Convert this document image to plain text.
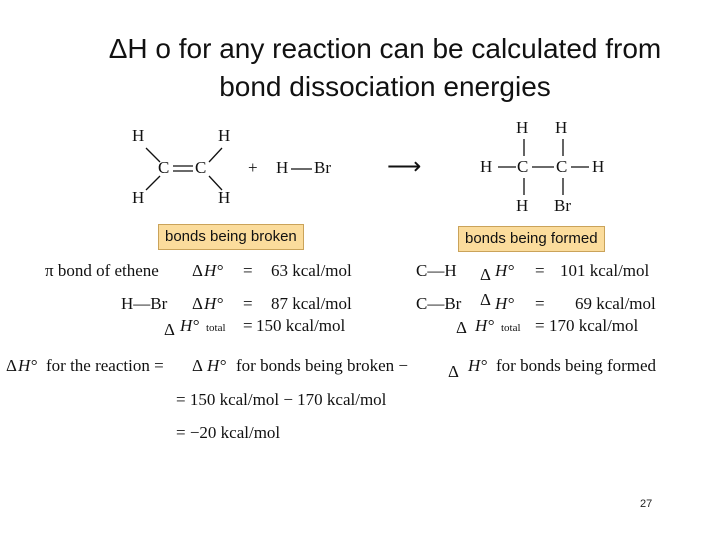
ΔH o for any reaction can be calculated from
bond dissociation energies
H	H
C C
H	H
+ H Br ⟶
H H
H C C H
H Br
bonds being broken	bonds being formed
π bond of ethene Δ H° = 63 kcal/mol
H—Br Δ H° = 87 kcal/mol
Δ H° total = 150 kcal/mol
C—H Δ H° = 101 kcal/mol
C—Br Δ H° = 69 kcal/mol
Δ H° total = 170 kcal/mol
Δ H° for the reaction = Δ H° for bonds being broken − Δ H° for bonds being formed
= 150 kcal/mol − 170 kcal/mol
= −20 kcal/mol
27
